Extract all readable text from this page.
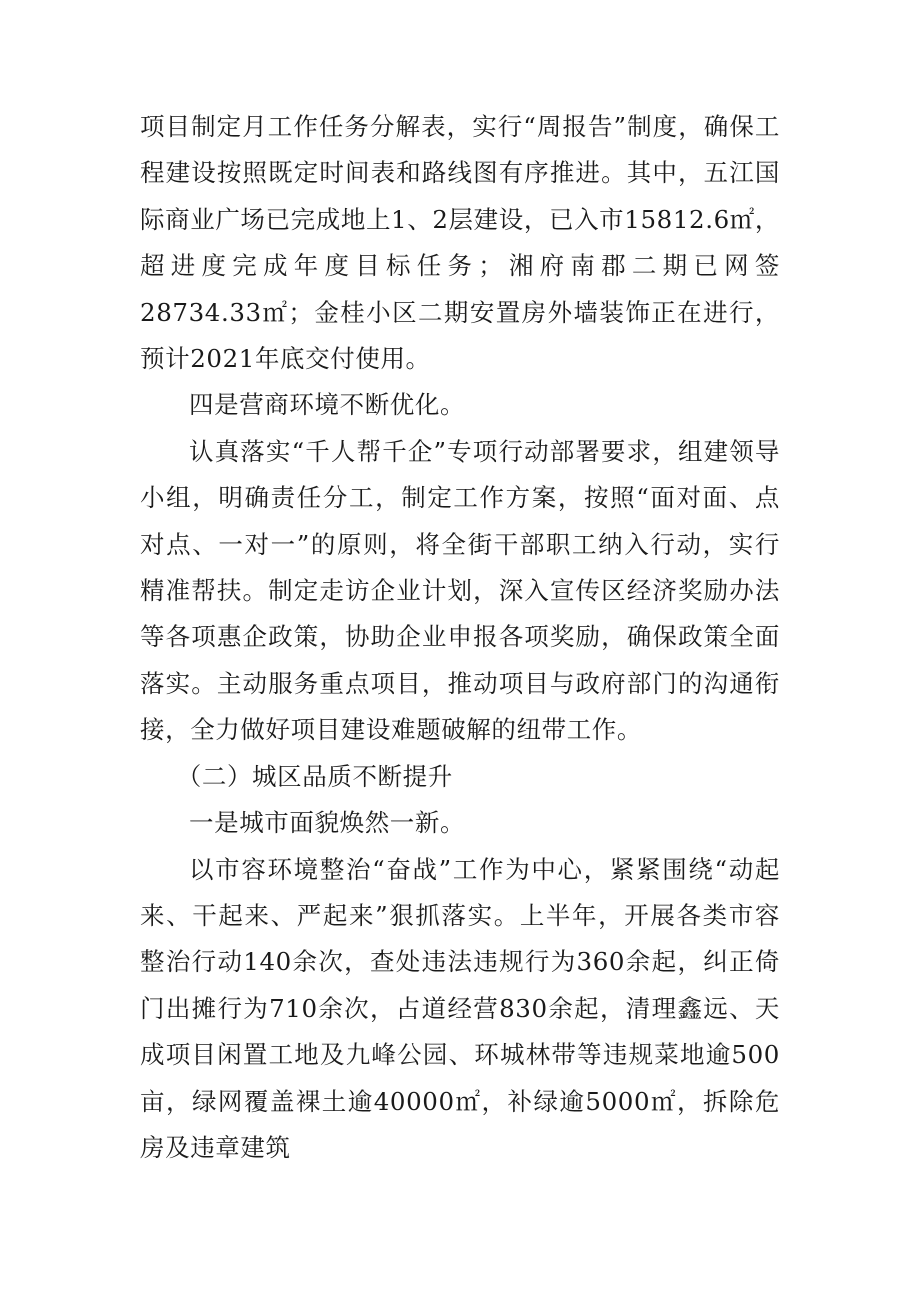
项目制定月工作任务分解表，实行“周报告”制度，确保工程建设按照既定时间表和路线图有序推进。其中，五江国际商业广场已完成地上1、2层建设，已入市15812.6㎡，超进度完成年度目标任务；湘府南郡二期已网签28734.33㎡；金桂小区二期安置房外墙装饰正在进行，预计2021年底交付使用。

四是营商环境不断优化。

认真落实“千人帮千企”专项行动部署要求，组建领导小组，明确责任分工，制定工作方案，按照“面对面、点对点、一对一”的原则，将全街干部职工纳入行动，实行精准帮扶。制定走访企业计划，深入宣传区经济奖励办法等各项惠企政策，协助企业申报各项奖励，确保政策全面落实。主动服务重点项目，推动项目与政府部门的沟通衔接，全力做好项目建设难题破解的纽带工作。

（二）城区品质不断提升

一是城市面貌焕然一新。

以市容环境整治“奋战”工作为中心，紧紧围绕“动起来、干起来、严起来”狠抓落实。上半年，开展各类市容整治行动140余次，查处违法违规行为360余起，纠正倚门出摊行为710余次，占道经营830余起，清理鑫远、天成项目闲置工地及九峰公园、环城林带等违规菜地逾500亩，绿网覆盖裸土逾40000㎡，补绿逾5000㎡，拆除危房及违章建筑
